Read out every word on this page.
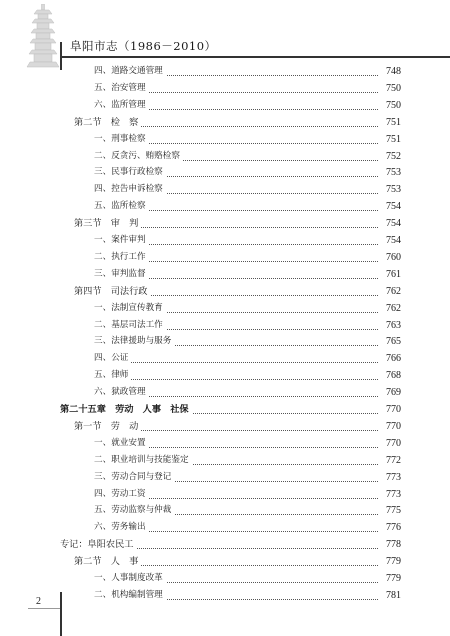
阜阳市志（1986－2010）
四、道路交通管理	748
五、治安管理	750
六、监所管理	750
第二节　检　察	751
一、刑事检察	751
二、反贪污、贿赂检察	752
三、民事行政检察	753
四、控告申诉检察	753
五、监所检察	754
第三节　审　判	754
一、案件审判	754
二、执行工作	760
三、审判监督	761
第四节　司法行政	762
一、法制宣传教育	762
二、基层司法工作	763
三、法律援助与服务	765
四、公证	766
五、律师	768
六、狱政管理	769
第二十五章　劳动　人事　社保	770
第一节　劳　动	770
一、就业安置	770
二、职业培训与技能鉴定	772
三、劳动合同与登记	773
四、劳动工资	773
五、劳动监察与仲裁	775
六、劳务输出	776
专记：阜阳农民工	778
第二节　人　事	779
一、人事制度改革	779
二、机构编制管理	781
2
